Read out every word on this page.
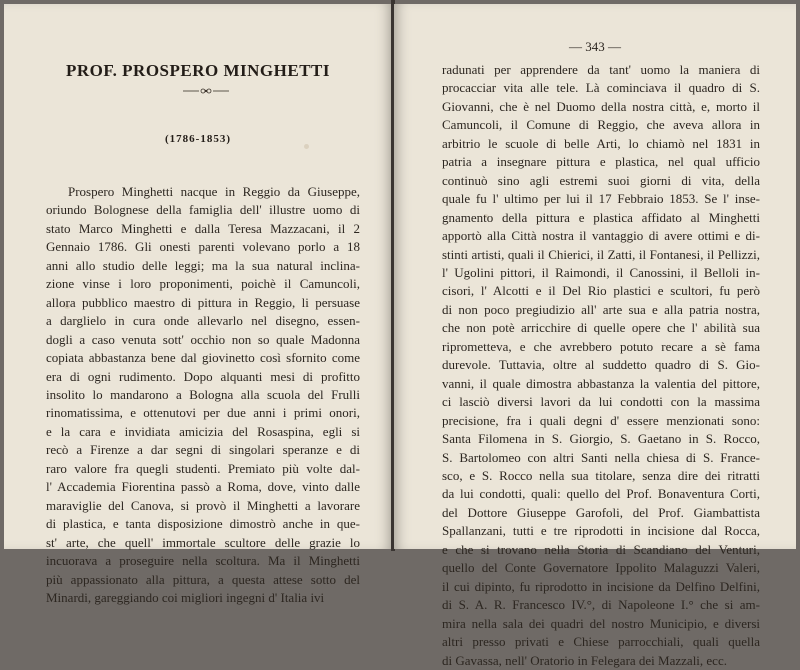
PROF. PROSPERO MINGHETTI
(1786-1853)
Prospero Minghetti nacque in Reggio da Giuseppe,
oriundo Bolognese della famiglia dell' illustre uomo di
stato Marco Minghetti e dalla Teresa Mazzacani, il 2
Gennaio 1786. Gli onesti parenti volevano porlo a 18
anni allo studio delle leggi; ma la sua natural inclina-
zione vinse i loro proponimenti, poichè il Camuncoli,
allora pubblico maestro di pittura in Reggio, li persuase
a darglielo in cura onde allevarlo nel disegno, essen-
dogli a caso venuta sott' occhio non so quale Madonna
copiata abbastanza bene dal giovinetto così sfornito come
era di ogni rudimento. Dopo alquanti mesi di profitto
insolito lo mandarono a Bologna alla scuola del Frulli
rinomatissima, e ottenutovi per due anni i primi onori,
e la cara e invidiata amicizia del Rosaspina, egli si
recò a Firenze a dar segni di singolari speranze e di
raro valore fra quegli studenti. Premiato più volte dal-
l' Accademia Fiorentina passò a Roma, dove, vinto dalle
maraviglie del Canova, si provò il Minghetti a lavorare
di plastica, e tanta disposizione dimostrò anche in que-
st' arte, che quell' immortale scultore delle grazie lo
incuorava a proseguire nella scoltura. Ma il Minghetti
più appassionato alla pittura, a questa attese sotto del
Minardi, gareggiando coi migliori ingegni d' Italia ivi
— 343 —
radunati per apprendere da tant' uomo la maniera di
procacciar vita alle tele. Là cominciava il quadro di S.
Giovanni, che è nel Duomo della nostra città, e, morto il
Camuncoli, il Comune di Reggio, che aveva allora in
arbitrio le scuole di belle Arti, lo chiamò nel 1831 in
patria a insegnare pittura e plastica, nel qual ufficio
continuò sino agli estremi suoi giorni di vita, della
quale fu l' ultimo per lui il 17 Febbraio 1853. Se l' inse-
gnamento della pittura e plastica affidato al Minghetti
apportò alla Città nostra il vantaggio di avere ottimi e di-
stinti artisti, quali il Chierici, il Zatti, il Fontanesi, il Pellizzi,
l' Ugolini pittori, il Raimondi, il Canossini, il Belloli in-
cisori, l' Alcotti e il Del Rio plastici e scultori, fu però
di non poco pregiudizio all' arte sua e alla patria nostra,
che non potè arricchire di quelle opere che l' abilità sua
riprometteva, e che avrebbero potuto recare a sè fama
durevole. Tuttavia, oltre al suddetto quadro di S. Gio-
vanni, il quale dimostra abbastanza la valentia del pittore,
ci lasciò diversi lavori da lui condotti con la massima
precisione, fra i quali degni d' essere menzionati sono:
Santa Filomena in S. Giorgio, S. Gaetano in S. Rocco,
S. Bartolomeo con altri Santi nella chiesa di S. France-
sco, e S. Rocco nella sua titolare, senza dire dei ritratti
da lui condotti, quali: quello del Prof. Bonaventura Corti,
del Dottore Giuseppe Garofoli, del Prof. Giambattista
Spallanzani, tutti e tre riprodotti in incisione dal Rocca,
e che si trovano nella Storia di Scandiano del Venturi,
quello del Conte Governatore Ippolito Malaguzzi Valeri,
il cui dipinto, fu riprodotto in incisione da Delfino Delfini,
di S. A. R. Francesco IV.°, di Napoleone I.° che si am-
mira nella sala dei quadri del nostro Municipio, e diversi
altri presso privati e Chiese parrocchiali, quali quella
di Gavassa, nell' Oratorio in Felegara dei Mazzali, ecc.
